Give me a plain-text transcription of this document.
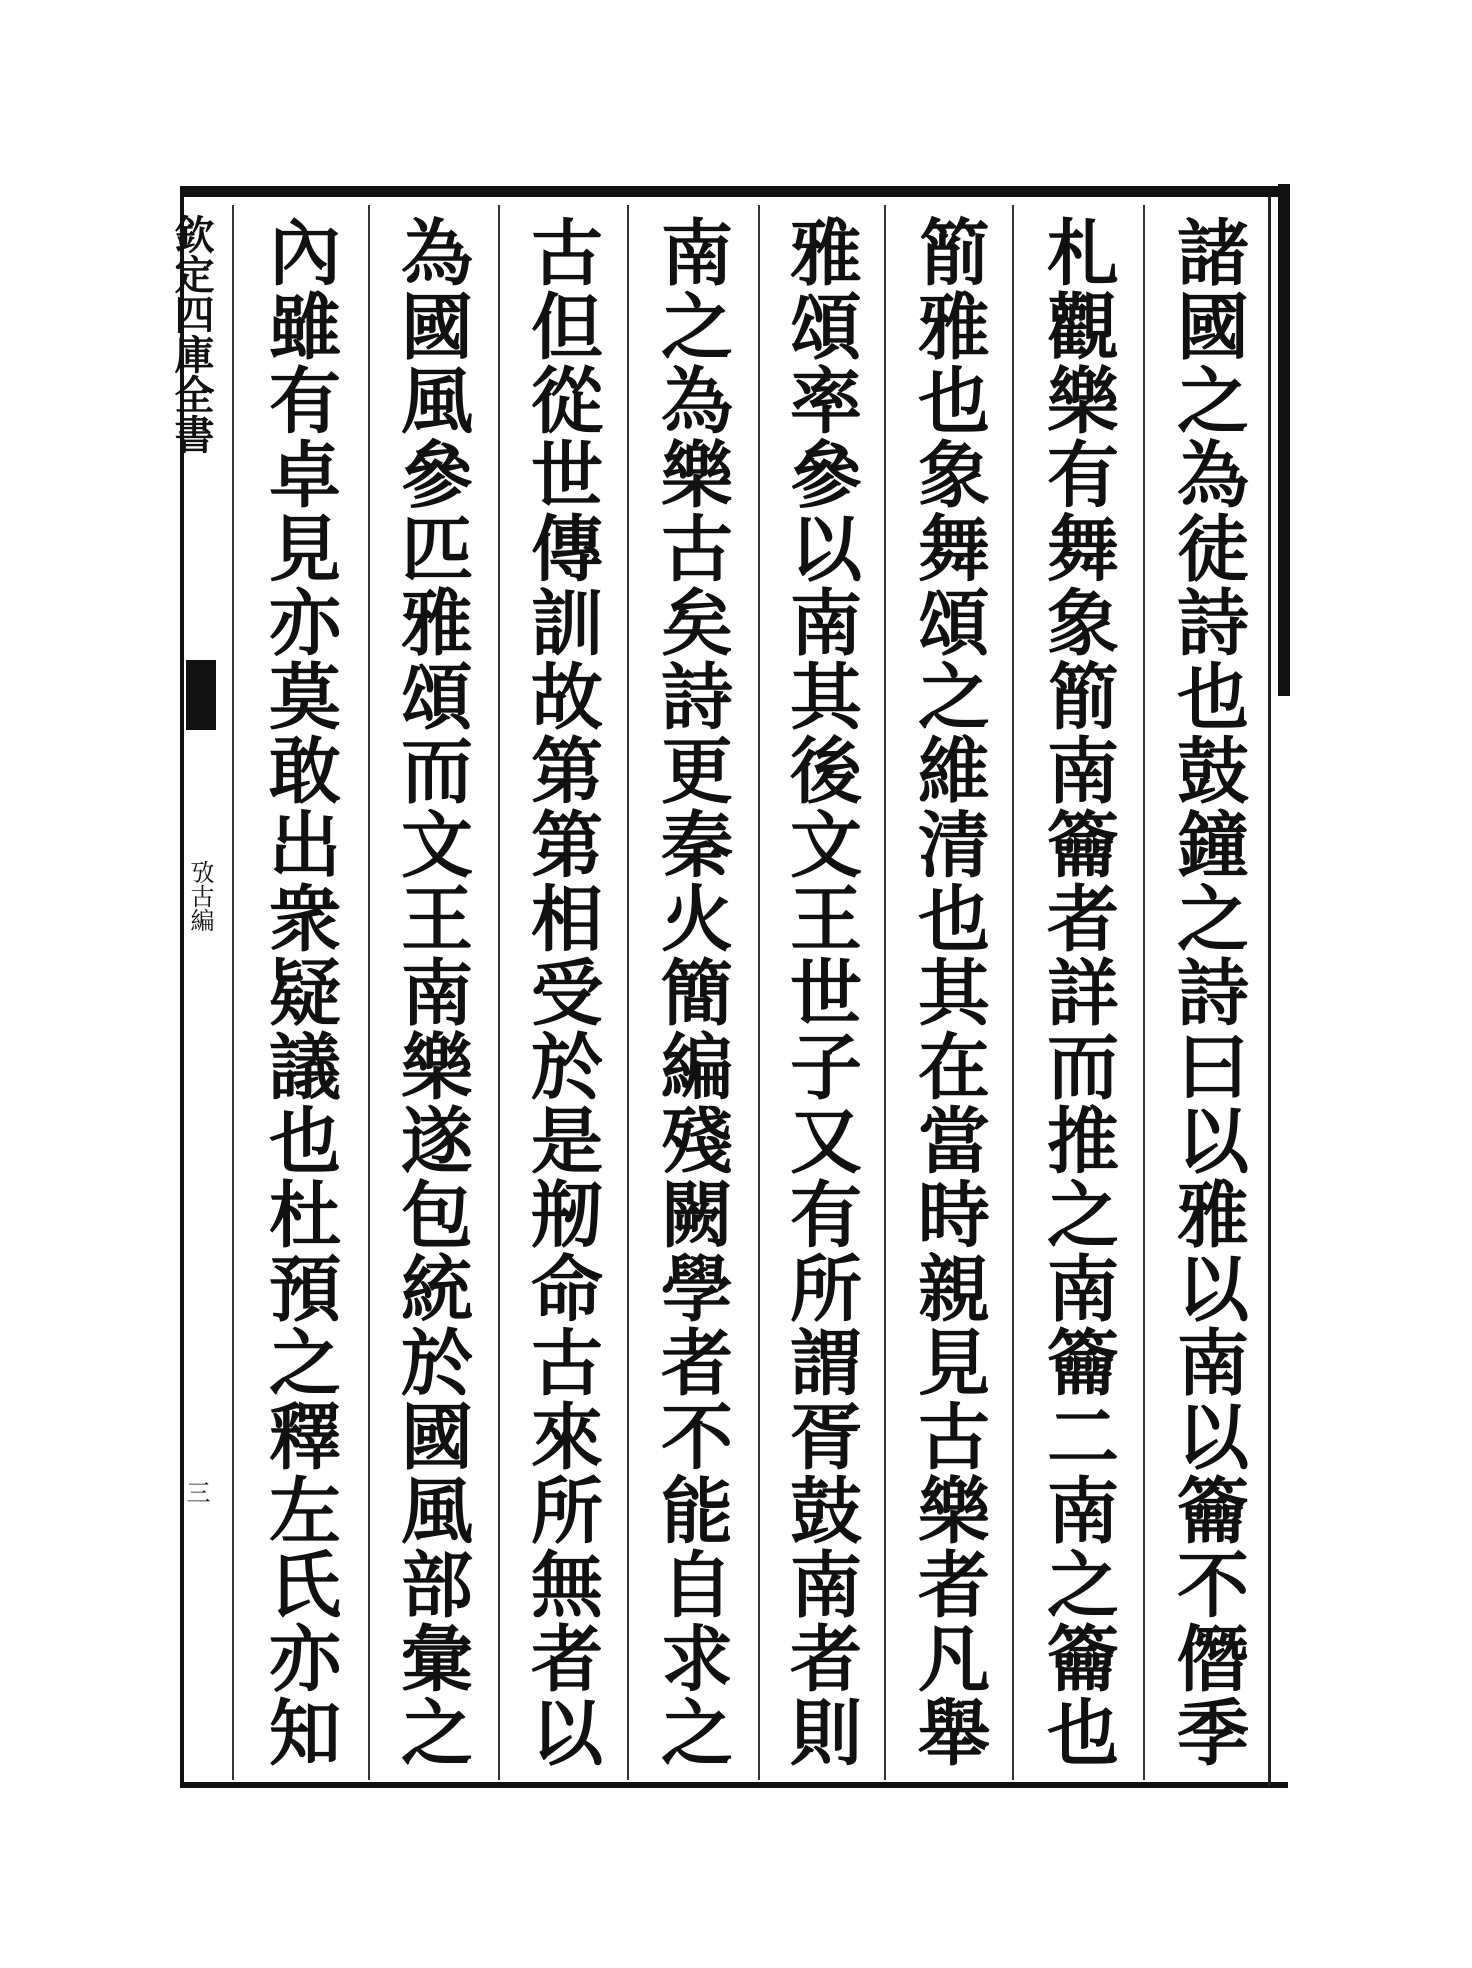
欽定四庫全書
攷古編
三	諸國之為徒詩也鼓鐘之詩曰以雅以南以籥不僭季
札觀樂有舞象箾南籥者詳而推之南籥二南之籥也
箾雅也象舞頌之維清也其在當時親見古樂者凡舉
雅頌率參以南其後文王世子又有所謂胥鼓南者則
南之為樂古矣詩更秦火簡編殘闕學者不能自求之
古但從世傳訓故第第相受於是剏命古來所無者以
為國風參匹雅頌而文王南樂遂包統於國風部彙之
內雖有卓見亦莫敢出衆疑議也杜預之釋左氏亦知
